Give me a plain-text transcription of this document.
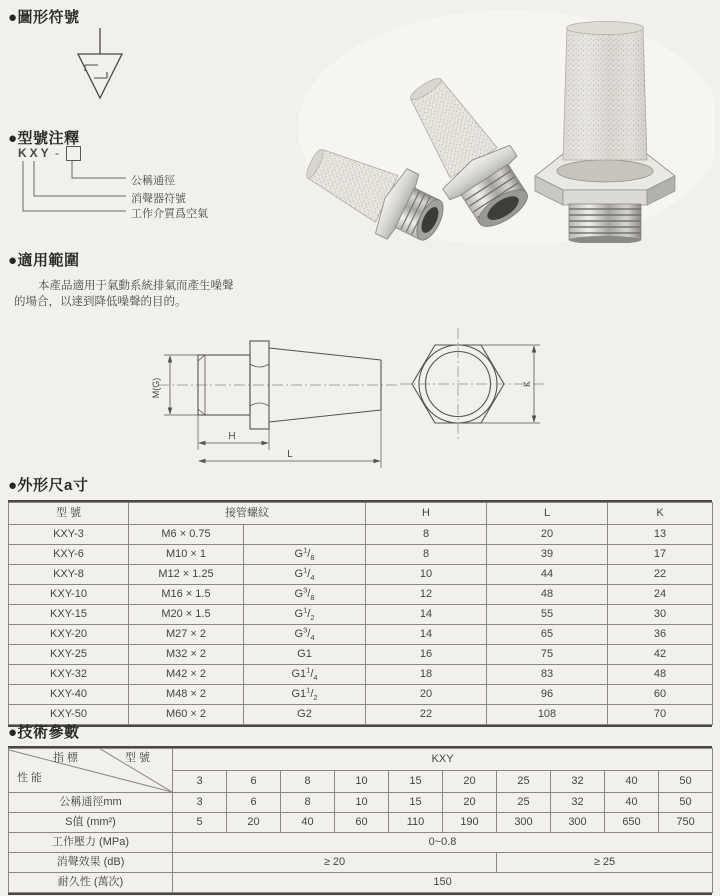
●圖形符號
●型號注釋
KXY -
公稱通徑
消聲器符號
工作介質爲空氣
●適用範圍
本產品適用于氣動系統排氣而產生噪聲
的場合，以達到降低噪聲的目的。
M(G)
H
L
K
●外形尺a寸
型 號	接管螺紋		H	L	K
KXY-3	M6 × 0.75		8	20	13
KXY-6	M10 × 1	$G^1/_8$	8	39	17
KXY-8	M12 × 1.25	$G^1/_4$	10	44	22
KXY-10	M16 × 1.5	$G^3/_8$	12	48	24
KXY-15	M20 × 1.5	$G^1/_2$	14	55	30
KXY-20	M27 × 2	$G^3/_4$	14	65	36
KXY-25	M32 × 2	G1	16	75	42
KXY-32	M42 × 2	$G1^1/_4$	18	83	48
KXY-40	M48 × 2	$G1^1/_2$	20	96	60
KXY-50	M60 × 2	G2	22	108	70
●技術參數
指 標 型 號
性 能	KXY									
	3	6	8	10	15	20	25	32	40	50
公稱通徑mm	3	6	8	10	15	20	25	32	40	50
S值 (mm²)	5	20	40	60	110	190	300	300	650	750
工作壓力 (MPa)	0~0.8									
消聲效果 (dB)	≥ 20						≥ 25			
耐久性 (萬次)	150									
